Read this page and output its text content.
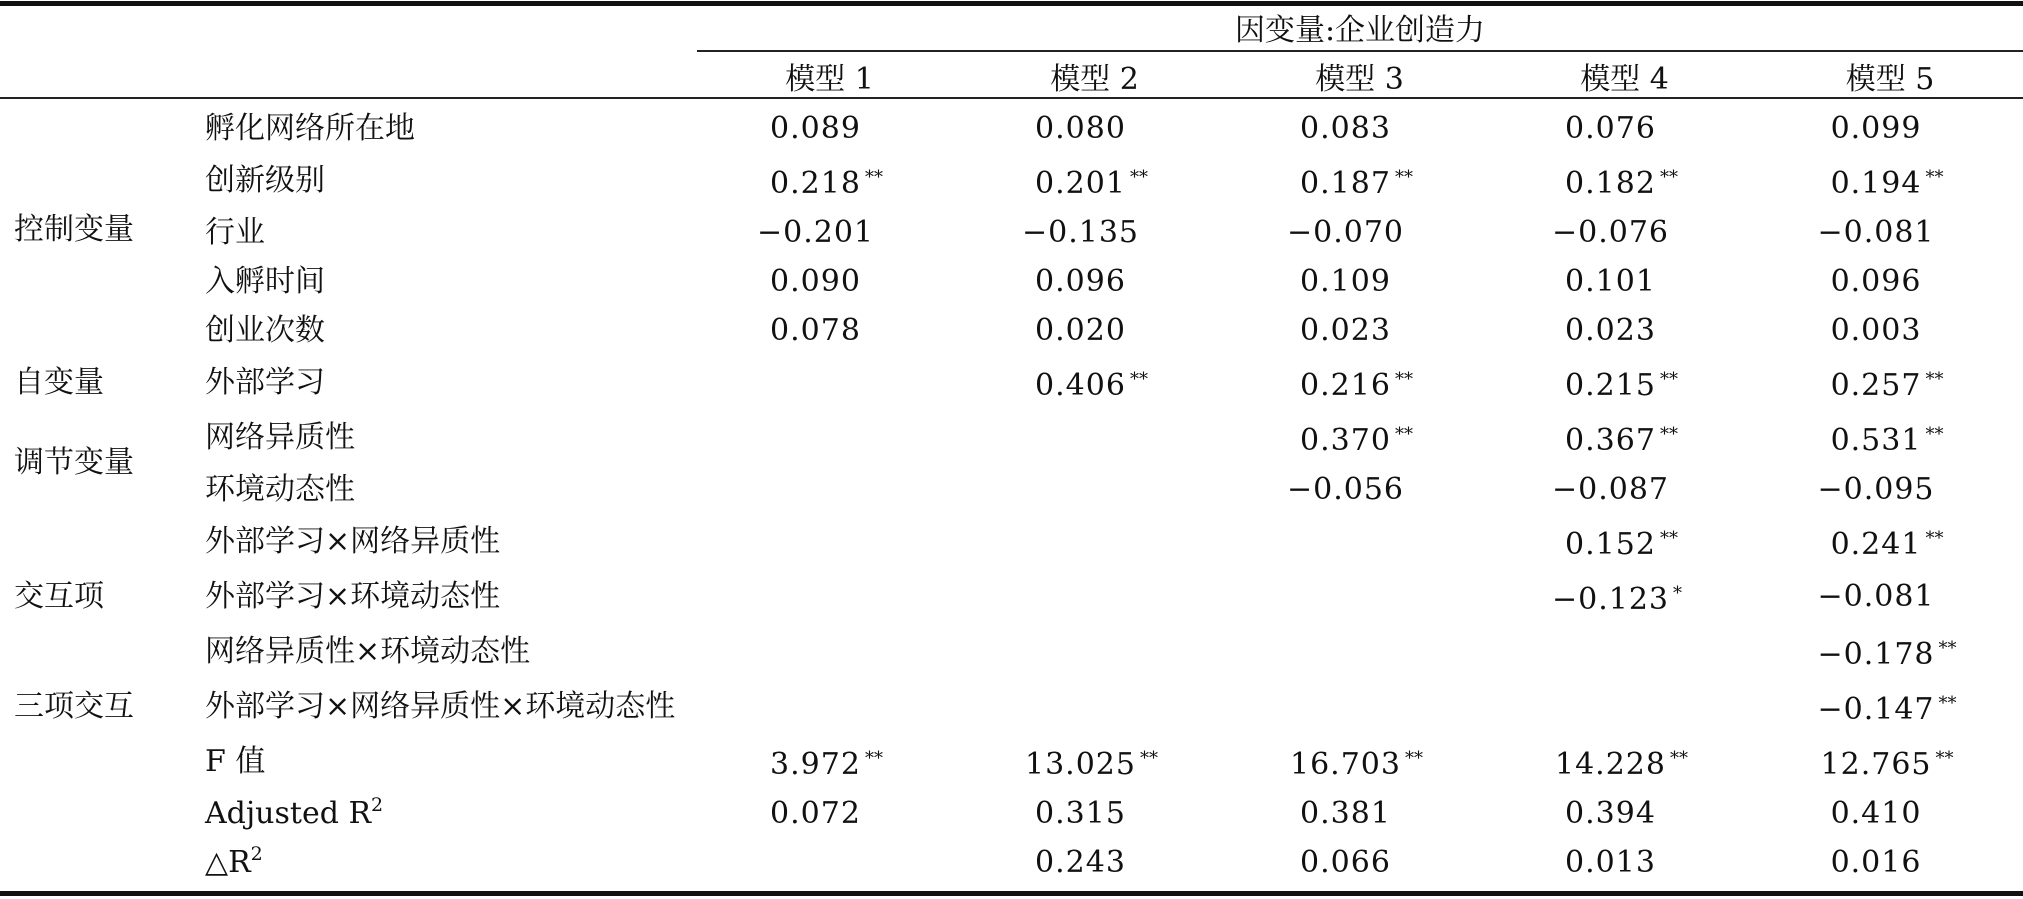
		因变量:企业创造力				
		模型 1	模型 2	模型 3	模型 4	模型 5
控制变量	孵化网络所在地	0.089	0.080	0.083	0.076	0.099
	创新级别	0.218 **	0.201 **	0.187 **	0.182 **	0.194 **
	行业	−0.201	−0.135	−0.070	−0.076	−0.081
	入孵时间	0.090	0.096	0.109	0.101	0.096
	创业次数	0.078	0.020	0.023	0.023	0.003
自变量	外部学习		0.406 **	0.216 **	0.215 **	0.257 **
调节变量	网络异质性			0.370 **	0.367 **	0.531 **
	环境动态性			−0.056	−0.087	−0.095
交互项	外部学习×网络异质性				0.152 **	0.241 **
	外部学习×环境动态性				−0.123 *	−0.081
	网络异质性×环境动态性					−0.178 **
三项交互	外部学习×网络异质性×环境动态性					−0.147 **
	F 值	3.972 **	13.025 **	16.703 **	14.228 **	12.765 **
	Adjusted $R^2$	0.072	0.315	0.381	0.394	0.410
	$\triangle R^2$		0.243	0.066	0.013	0.016
